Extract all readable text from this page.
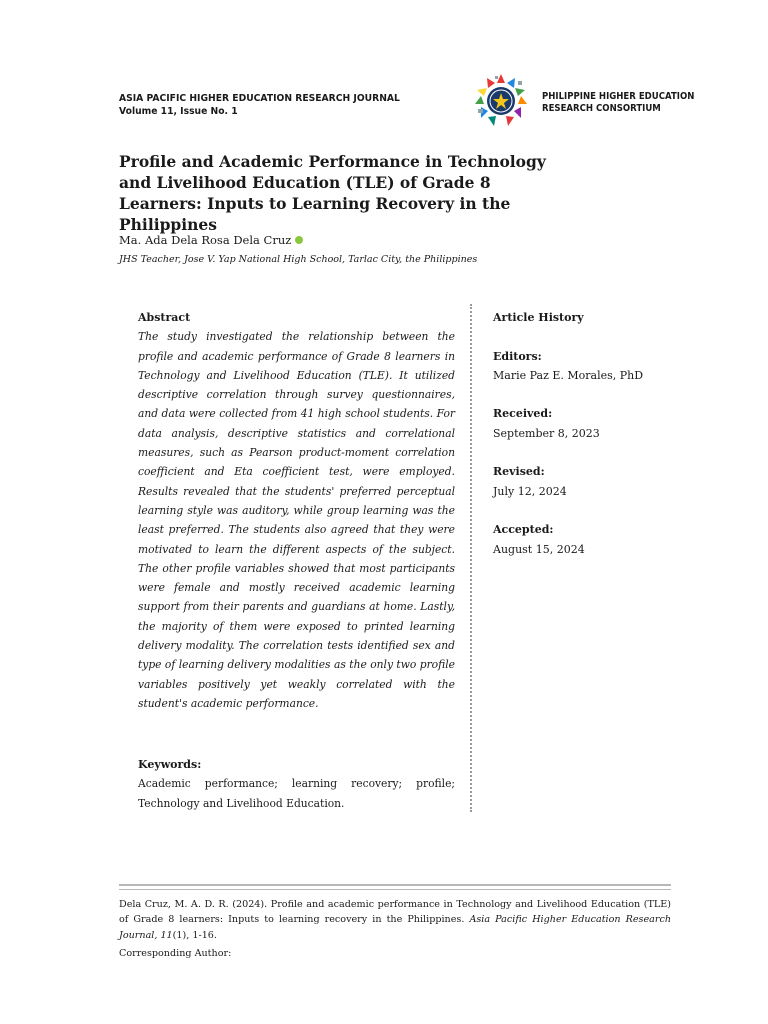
ASIA PACIFIC HIGHER EDUCATION RESEARCH JOURNAL
Volume 11, Issue No. 1
PHILIPPINE HIGHER EDUCATION
RESEARCH CONSORTIUM
Profile and Academic Performance in Technology and Livelihood Education (TLE) of Grade 8 Learners: Inputs to Learning Recovery in the Philippines
Ma. Ada Dela Rosa Dela Cruz
JHS Teacher, Jose V. Yap National High School, Tarlac City, the Philippines
Abstract

The study investigated the relationship between the profile and academic performance of Grade 8 learners in Technology and Livelihood Education (TLE). It utilized descriptive correlation through survey questionnaires, and data were collected from 41 high school students. For data analysis, descriptive statistics and correlational measures, such as Pearson product-moment correlation coefficient and Eta coefficient test, were employed. Results revealed that the students' preferred perceptual learning style was auditory, while group learning was the least preferred. The students also agreed that they were motivated to learn the different aspects of the subject. The other profile variables showed that most participants were female and mostly received academic learning support from their parents and guardians at home. Lastly, the majority of them were exposed to printed learning delivery modality. The correlation tests identified sex and type of learning delivery modalities as the only two profile variables positively yet weakly correlated with the student's academic performance.

Keywords:

Academic performance; learning recovery; profile; Technology and Livelihood Education.

Article History

Editors:

Marie Paz E. Morales, PhD

Received:

September 8, 2023

Revised:

July 12, 2024

Accepted:

August 15, 2024

Dela Cruz, M. A. D. R. (2024). Profile and academic performance in Technology and Livelihood Education (TLE) of Grade 8 learners: Inputs to learning recovery in the Philippines. Asia Pacific Higher Education Research Journal, 11(1), 1-16.

Corresponding Author:
